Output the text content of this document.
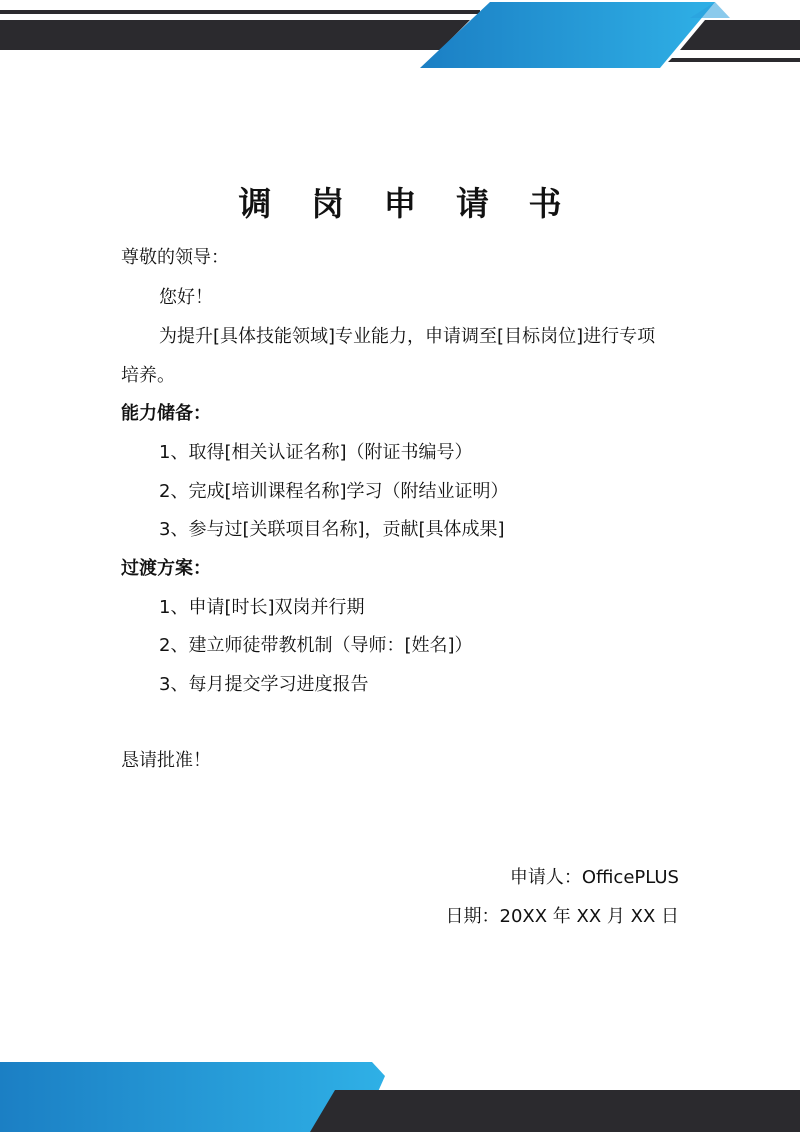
调 岗 申 请 书

尊敬的领导：

您好！

为提升[具体技能领域]专业能力，申请调至[目标岗位]进行专项

培养。

能力储备：

1、取得[相关认证名称]（附证书编号）

2、完成[培训课程名称]学习（附结业证明）

3、参与过[关联项目名称]，贡献[具体成果]

过渡方案：

1、申请[时长]双岗并行期

2、建立师徒带教机制（导师：[姓名]）

3、每月提交学习进度报告

恳请批准！

申请人：OfficePLUS

日期：20XX 年 XX 月 XX 日
